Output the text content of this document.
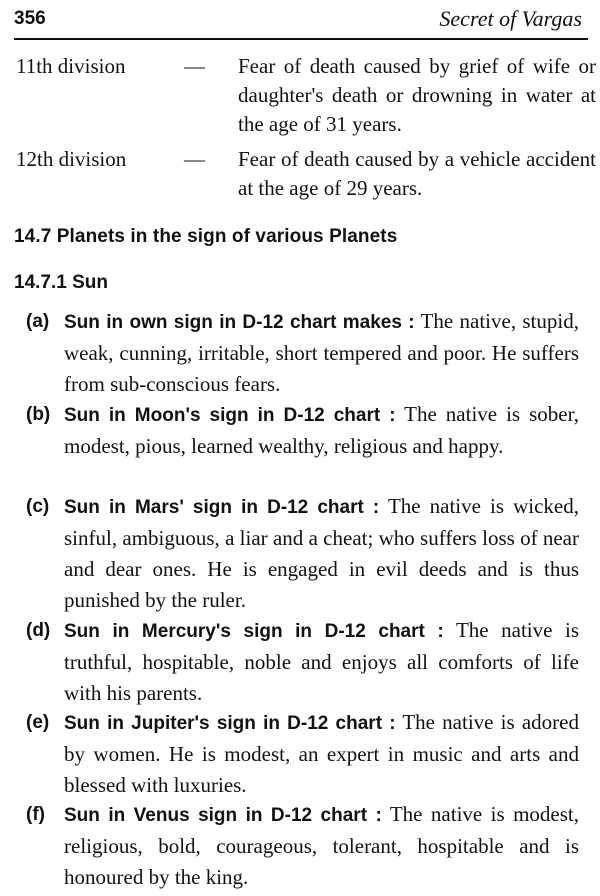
356	Secret of Vargas
11th division	—	Fear of death caused by grief of wife or daughter's death or drowning in water at the age of 31 years.
12th division	—	Fear of death caused by a vehicle accident at the age of 29 years.
14.7 Planets in the sign of various Planets
14.7.1 Sun
(a) Sun in own sign in D-12 chart makes : The native, stupid, weak, cunning, irritable, short tempered and poor. He suffers from sub-conscious fears.
(b) Sun in Moon's sign in D-12 chart : The native is sober, modest, pious, learned wealthy, religious and happy.
(c) Sun in Mars' sign in D-12 chart : The native is wicked, sinful, ambiguous, a liar and a cheat; who suffers loss of near and dear ones. He is engaged in evil deeds and is thus punished by the ruler.
(d) Sun in Mercury's sign in D-12 chart : The native is truthful, hospitable, noble and enjoys all comforts of life with his parents.
(e) Sun in Jupiter's sign in D-12 chart : The native is adored by women. He is modest, an expert in music and arts and blessed with luxuries.
(f) Sun in Venus sign in D-12 chart : The native is modest, religious, bold, courageous, tolerant, hospitable and is honoured by the king.
